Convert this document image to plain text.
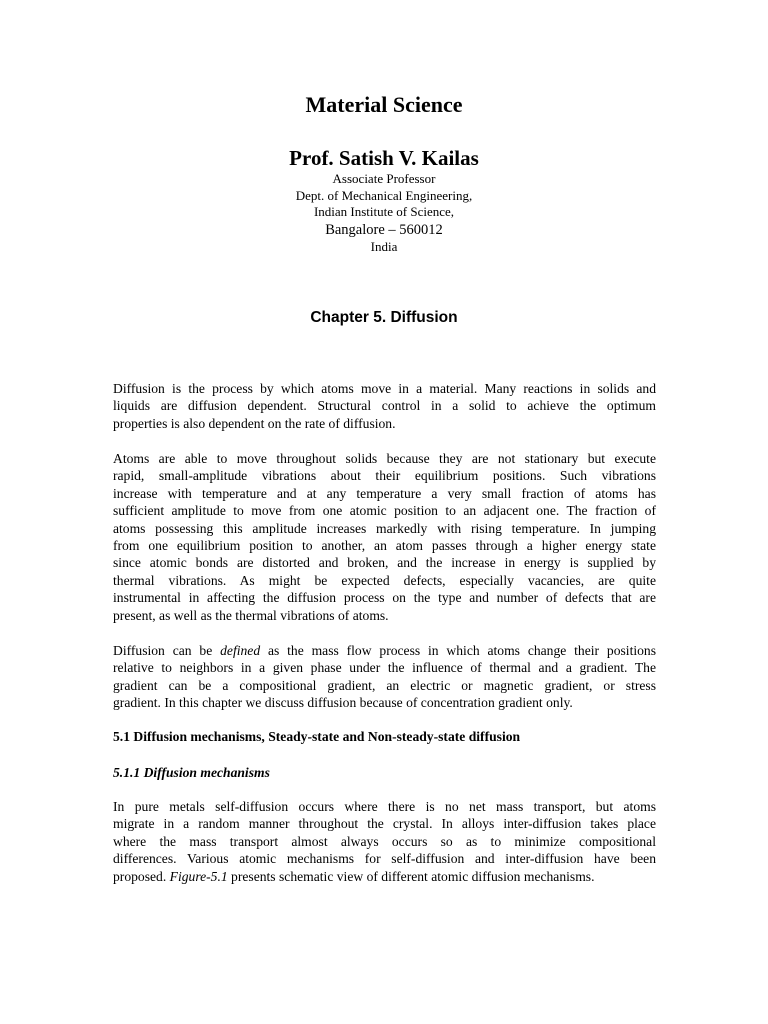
Material Science
Prof. Satish V. Kailas
Associate Professor
Dept. of Mechanical Engineering,
Indian Institute of Science,
Bangalore – 560012
India
Chapter 5. Diffusion
Diffusion is the process by which atoms move in a material. Many reactions in solids and
liquids are diffusion dependent. Structural control in a solid to achieve the optimum
properties is also dependent on the rate of diffusion.
Atoms are able to move throughout solids because they are not stationary but execute
rapid, small-amplitude vibrations about their equilibrium positions. Such vibrations
increase with temperature and at any temperature a very small fraction of atoms has
sufficient amplitude to move from one atomic position to an adjacent one. The fraction of
atoms possessing this amplitude increases markedly with rising temperature. In jumping
from one equilibrium position to another, an atom passes through a higher energy state
since atomic bonds are distorted and broken, and the increase in energy is supplied by
thermal vibrations. As might be expected defects, especially vacancies, are quite
instrumental in affecting the diffusion process on the type and number of defects that are
present, as well as the thermal vibrations of atoms.
Diffusion can be defined as the mass flow process in which atoms change their positions
relative to neighbors in a given phase under the influence of thermal and a gradient. The
gradient can be a compositional gradient, an electric or magnetic gradient, or stress
gradient. In this chapter we discuss diffusion because of concentration gradient only.
5.1 Diffusion mechanisms, Steady-state and Non-steady-state diffusion
5.1.1 Diffusion mechanisms
In pure metals self-diffusion occurs where there is no net mass transport, but atoms
migrate in a random manner throughout the crystal. In alloys inter-diffusion takes place
where the mass transport almost always occurs so as to minimize compositional
differences. Various atomic mechanisms for self-diffusion and inter-diffusion have been
proposed. Figure-5.1 presents schematic view of different atomic diffusion mechanisms.
